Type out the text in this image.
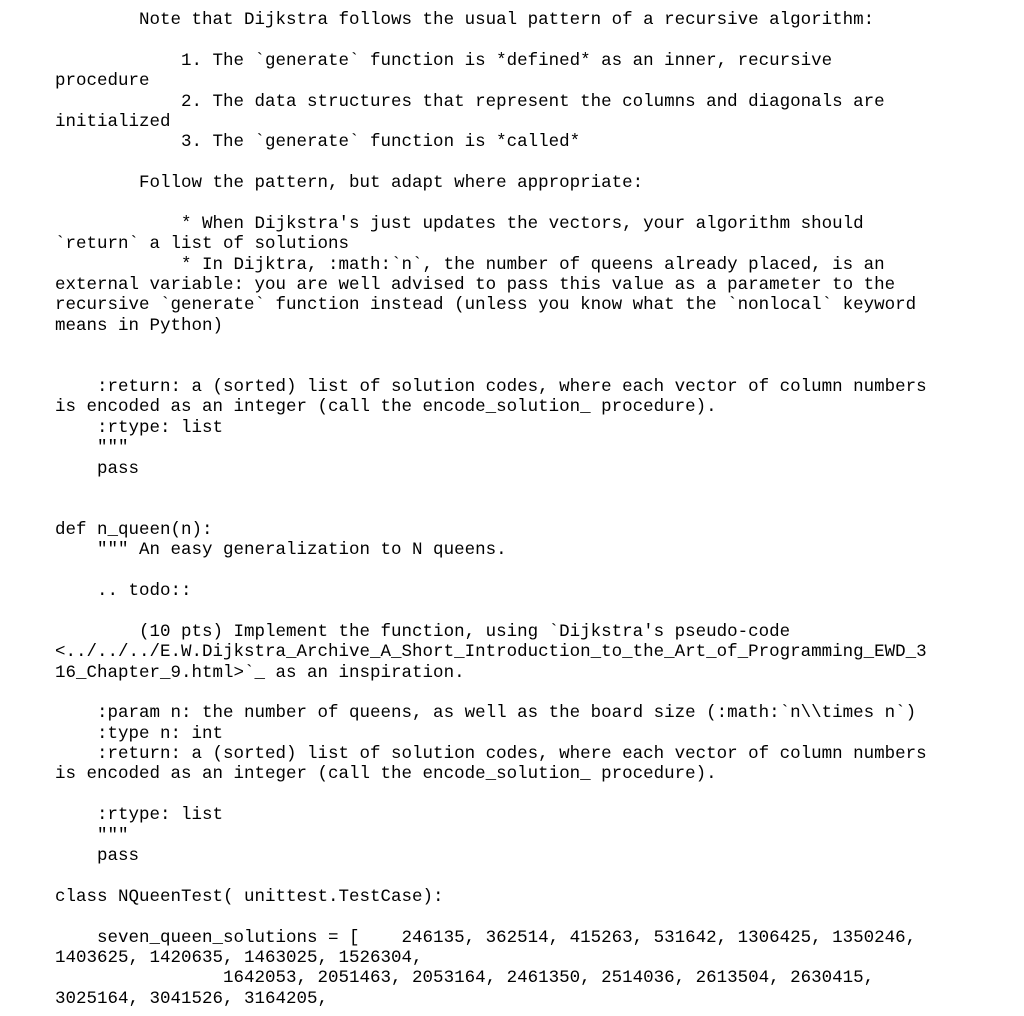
Note that Dijkstra follows the usual pattern of a recursive algorithm:
1. The `generate` function is *defined* as an inner, recursive
procedure
2. The data structures that represent the columns and diagonals are
initialized
3. The `generate` function is *called*
Follow the pattern, but adapt where appropriate:
* When Dijkstra's just updates the vectors, your algorithm should
`return` a list of solutions
* In Dijktra, :math:`n`, the number of queens already placed, is an
external variable: you are well advised to pass this value as a parameter to the
recursive `generate` function instead (unless you know what the `nonlocal` keyword
means in Python)
:return: a (sorted) list of solution codes, where each vector of column numbers
is encoded as an integer (call the encode_solution_ procedure).
:rtype: list
"""
pass
def n_queen(n):
""" An easy generalization to N queens.
.. todo::
(10 pts) Implement the function, using `Dijkstra's pseudo-code
<../../../E.W.Dijkstra_Archive_A_Short_Introduction_to_the_Art_of_Programming_EWD_3
16_Chapter_9.html>`_ as an inspiration.
:param n: the number of queens, as well as the board size (:math:`n\\times n`)
:type n: int
:return: a (sorted) list of solution codes, where each vector of column numbers
is encoded as an integer (call the encode_solution_ procedure).
:rtype: list
"""
pass
class NQueenTest( unittest.TestCase):
seven_queen_solutions = [    246135, 362514, 415263, 531642, 1306425, 1350246,
1403625, 1420635, 1463025, 1526304,
1642053, 2051463, 2053164, 2461350, 2514036, 2613504, 2630415,
3025164, 3041526, 3164205,
